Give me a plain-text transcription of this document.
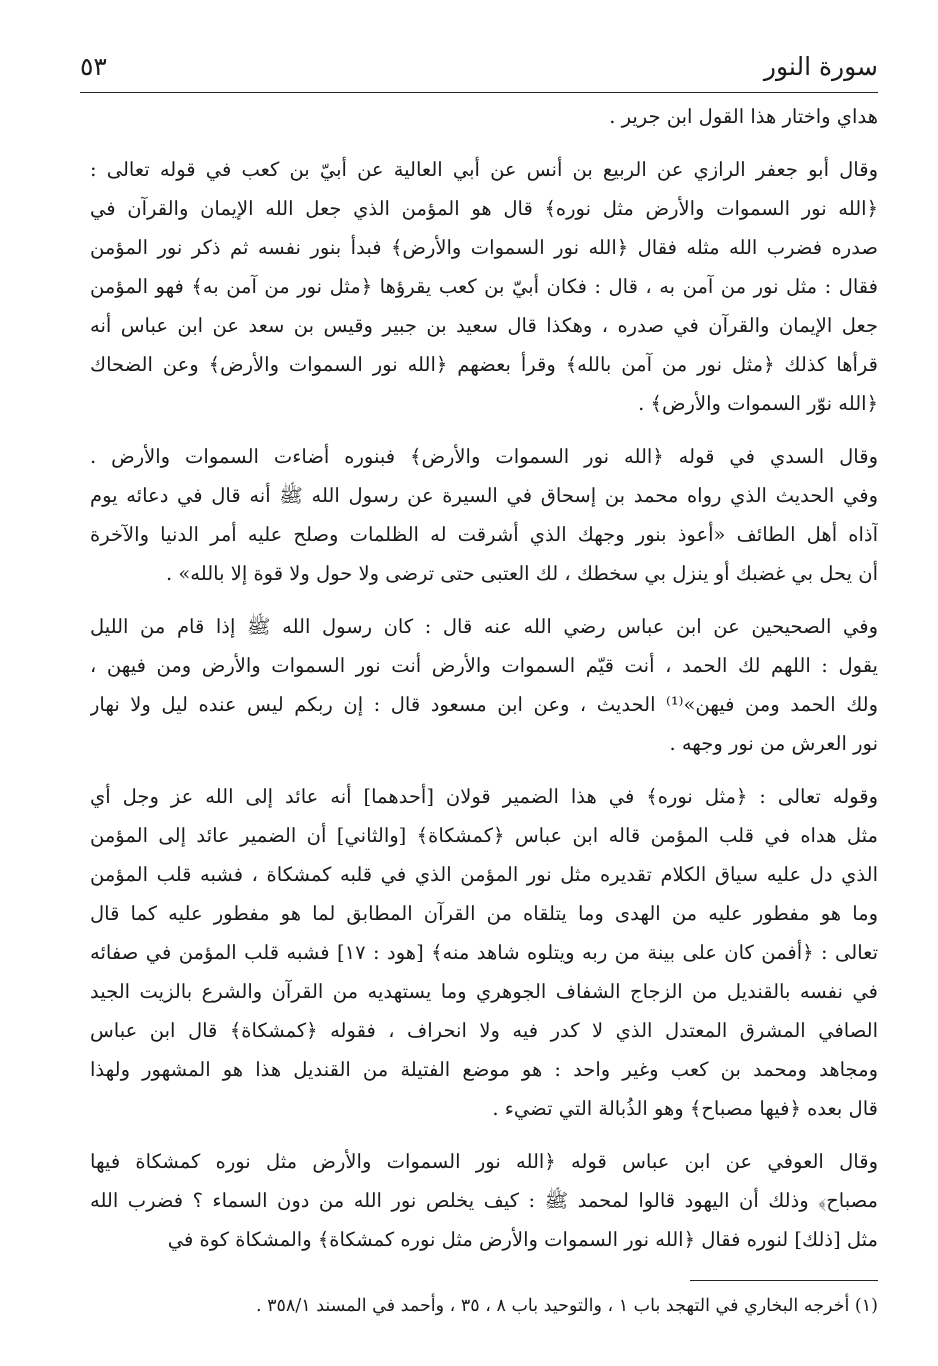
سورة النور
٥٣

هداي واختار هذا القول ابن جرير .

وقال أبو جعفر الرازي عن الربيع بن أنس عن أبي العالية عن أبيّ بن كعب في قوله تعالى :

﴿الله نور السموات والأرض مثل نوره﴾ قال هو المؤمن الذي جعل الله الإيمان والقرآن في

صدره فضرب الله مثله فقال ﴿الله نور السموات والأرض﴾ فبدأ بنور نفسه ثم ذكر نور المؤمن

فقال : مثل نور من آمن به ، قال : فكان أبيّ بن كعب يقرؤها ﴿مثل نور من آمن به﴾ فهو المؤمن

جعل الإيمان والقرآن في صدره ، وهكذا قال سعيد بن جبير وقيس بن سعد عن ابن عباس أنه

قرأها كذلك ﴿مثل نور من آمن بالله﴾ وقرأ بعضهم ﴿الله نور السموات والأرض﴾ وعن الضحاك

﴿الله نوّر السموات والأرض﴾ .

وقال السدي في قوله ﴿الله نور السموات والأرض﴾ فبنوره أضاءت السموات والأرض .

وفي الحديث الذي رواه محمد بن إسحاق في السيرة عن رسول الله ﷺ أنه قال في دعائه يوم

آذاه أهل الطائف «أعوذ بنور وجهك الذي أشرقت له الظلمات وصلح عليه أمر الدنيا والآخرة

أن يحل بي غضبك أو ينزل بي سخطك ، لك العتبى حتى ترضى ولا حول ولا قوة إلا بالله» .

وفي الصحيحين عن ابن عباس رضي الله عنه قال : كان رسول الله ﷺ إذا قام من الليل

يقول : اللهم لك الحمد ، أنت قيّم السموات والأرض أنت نور السموات والأرض ومن فيهن ،

ولك الحمد ومن فيهن»⁽¹⁾ الحديث ، وعن ابن مسعود قال : إن ربكم ليس عنده ليل ولا نهار

نور العرش من نور وجهه .

وقوله تعالى : ﴿مثل نوره﴾ في هذا الضمير قولان [أحدهما] أنه عائد إلى الله عز وجل أي

مثل هداه في قلب المؤمن قاله ابن عباس ﴿كمشكاة﴾ [والثاني] أن الضمير عائد إلى المؤمن

الذي دل عليه سياق الكلام تقديره مثل نور المؤمن الذي في قلبه كمشكاة ، فشبه قلب المؤمن

وما هو مفطور عليه من الهدى وما يتلقاه من القرآن المطابق لما هو مفطور عليه كما قال

تعالى : ﴿أفمن كان على بينة من ربه ويتلوه شاهد منه﴾ [هود : ١٧] فشبه قلب المؤمن في صفائه

في نفسه بالقنديل من الزجاج الشفاف الجوهري وما يستهديه من القرآن والشرع بالزيت الجيد

الصافي المشرق المعتدل الذي لا كدر فيه ولا انحراف ، فقوله ﴿كمشكاة﴾ قال ابن عباس

ومجاهد ومحمد بن كعب وغير واحد : هو موضع الفتيلة من القنديل هذا هو المشهور ولهذا

قال بعده ﴿فيها مصباح﴾ وهو الذُبالة التي تضيء .

وقال العوفي عن ابن عباس قوله ﴿الله نور السموات والأرض مثل نوره كمشكاة فيها

مصباح﴾ وذلك أن اليهود قالوا لمحمد ﷺ : كيف يخلص نور الله من دون السماء ؟ فضرب الله

مثل [ذلك] لنوره فقال ﴿الله نور السموات والأرض مثل نوره كمشكاة﴾ والمشكاة كوة في

(١) أخرجه البخاري في التهجد باب ١ ، والتوحيد باب ٨ ، ٣٥ ، وأحمد في المسند ٣٥٨/١ .
